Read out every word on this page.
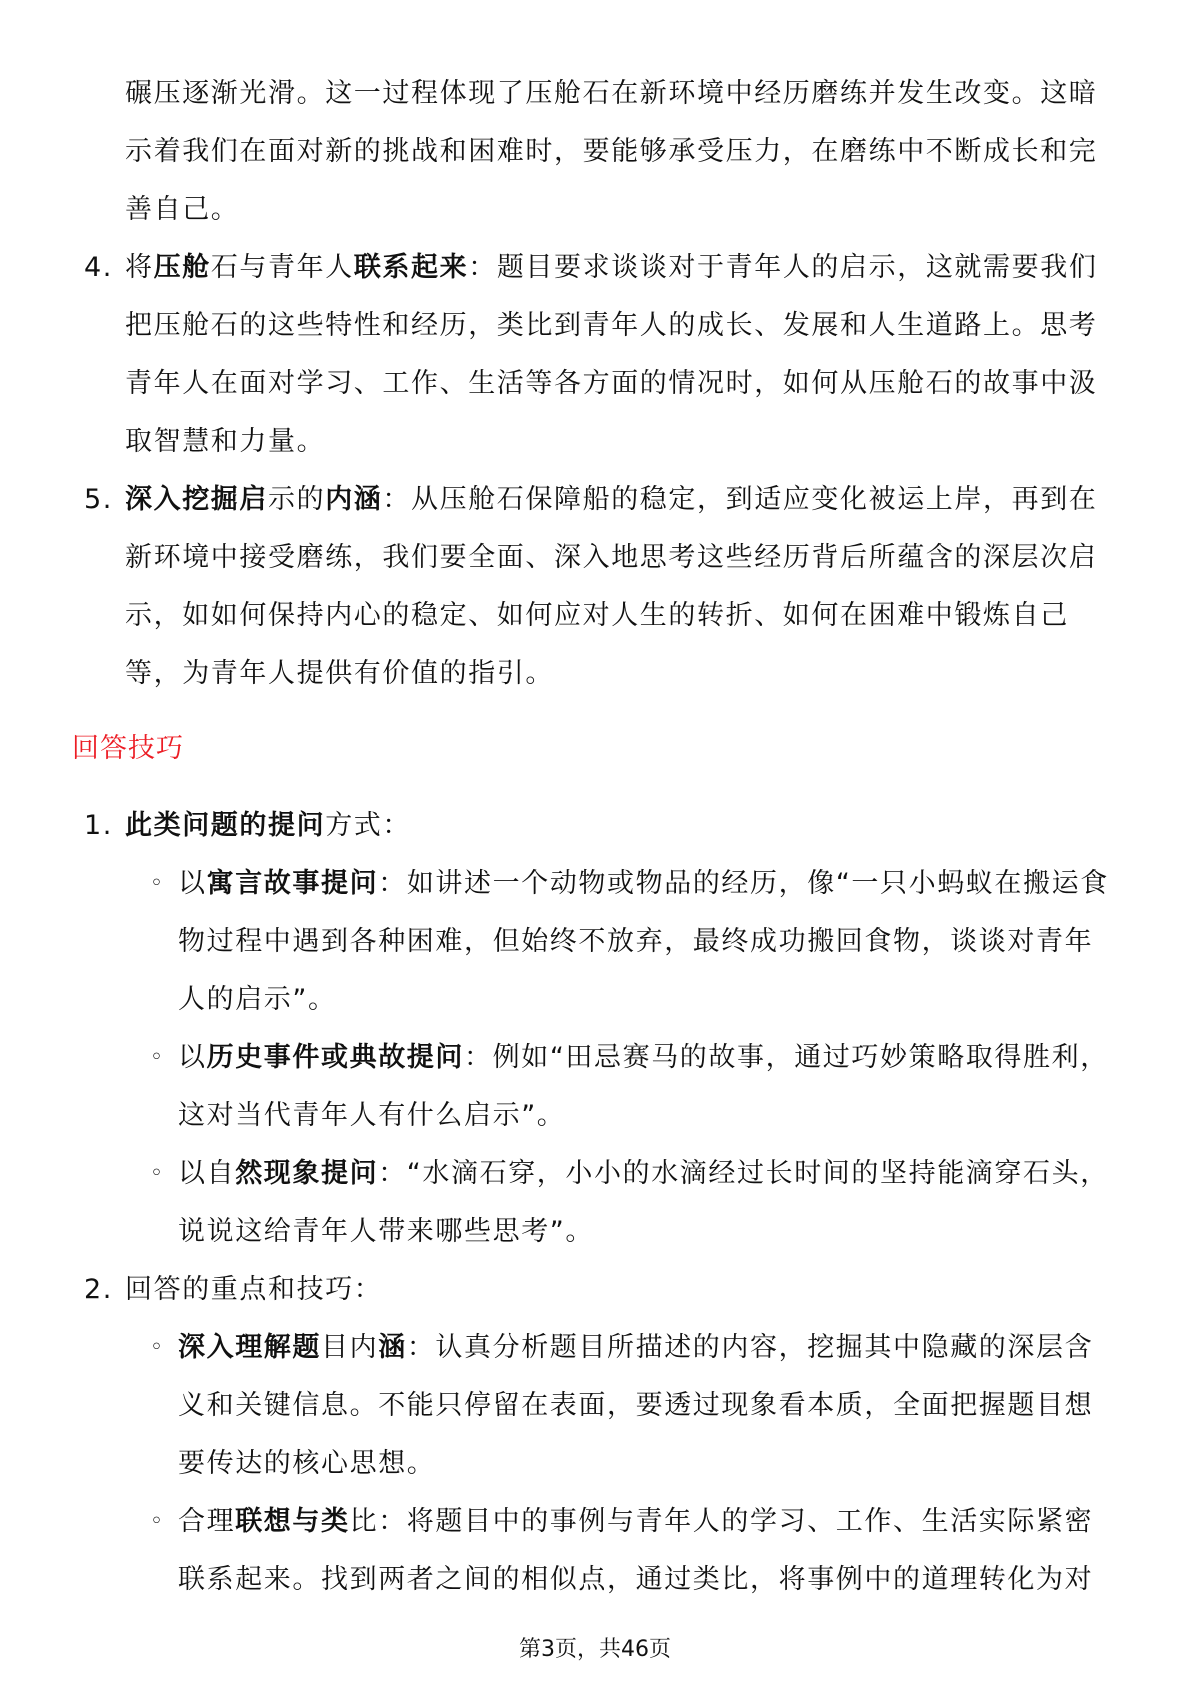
碾压逐渐光滑。这一过程体现了压舱石在新环境中经历磨练并发生改变。这暗
示着我们在面对新的挑战和困难时，要能够承受压力，在磨练中不断成长和完
善自己。
4. 将压舱石与青年人联系起来：题目要求谈谈对于青年人的启示，这就需要我们
把压舱石的这些特性和经历，类比到青年人的成长、发展和人生道路上。思考
青年人在面对学习、工作、生活等各方面的情况时，如何从压舱石的故事中汲
取智慧和力量。
5. 深入挖掘启示的内涵：从压舱石保障船的稳定，到适应变化被运上岸，再到在
新环境中接受磨练，我们要全面、深入地思考这些经历背后所蕴含的深层次启
示，如如何保持内心的稳定、如何应对人生的转折、如何在困难中锻炼自己
等，为青年人提供有价值的指引。
回答技巧
1. 此类问题的提问方式：
◦ 以寓言故事提问：如讲述一个动物或物品的经历，像“一只小蚂蚁在搬运食
物过程中遇到各种困难，但始终不放弃，最终成功搬回食物，谈谈对青年
人的启示”。
◦ 以历史事件或典故提问：例如“田忌赛马的故事，通过巧妙策略取得胜利，
这对当代青年人有什么启示”。
◦ 以自然现象提问：“水滴石穿，小小的水滴经过长时间的坚持能滴穿石头，
说说这给青年人带来哪些思考”。
2. 回答的重点和技巧：
◦ 深入理解题目内涵：认真分析题目所描述的内容，挖掘其中隐藏的深层含
义和关键信息。不能只停留在表面，要透过现象看本质，全面把握题目想
要传达的核心思想。
◦ 合理联想与类比：将题目中的事例与青年人的学习、工作、生活实际紧密
联系起来。找到两者之间的相似点，通过类比，将事例中的道理转化为对
第3页，共46页
